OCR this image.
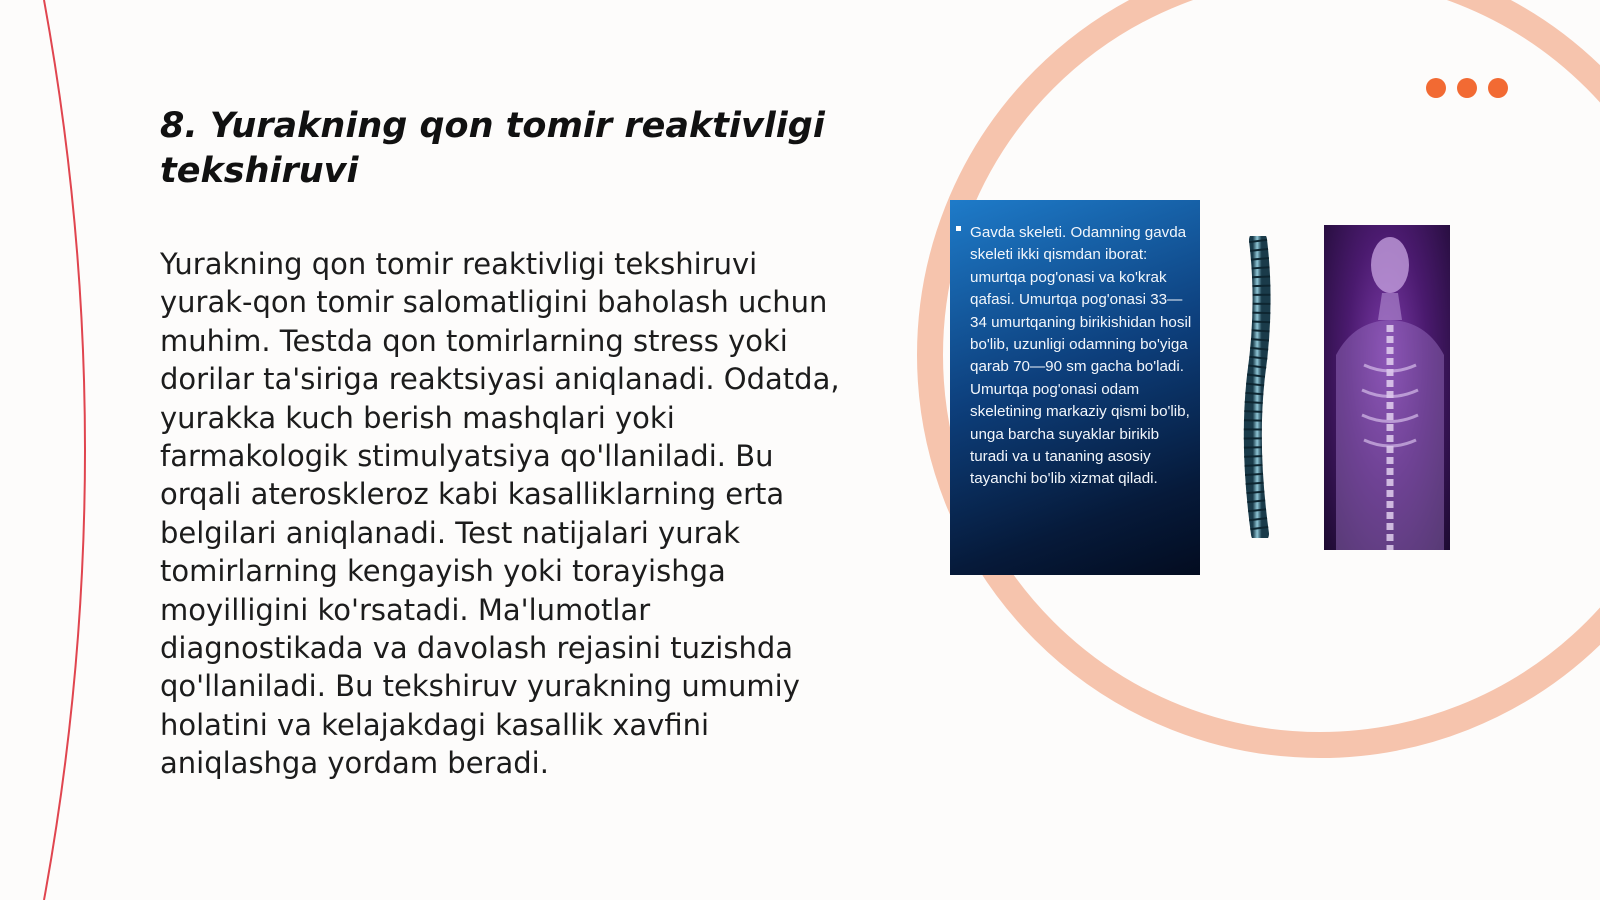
8. Yurakning qon tomir reaktivligi tekshiruvi
Yurakning qon tomir reaktivligi tekshiruvi yurak-qon tomir salomatligini baholash uchun muhim. Testda qon tomirlarning stress yoki dorilar ta'siriga reaktsiyasi aniqlanadi. Odatda, yurakka kuch berish mashqlari yoki farmakologik stimulyatsiya qo'llaniladi. Bu orqali ateroskleroz kabi kasalliklarning erta belgilari aniqlanadi. Test natijalari yurak tomirlarning kengayish yoki torayishga moyilligini ko'rsatadi. Ma'lumotlar diagnostikada va davolash rejasini tuzishda qo'llaniladi. Bu tekshiruv yurakning umumiy holatini va kelajakdagi kasallik xavfini aniqlashga yordam beradi.
Gavda skeleti. Odamning gavda skeleti ikki qismdan iborat: umurtqa pog'onasi va ko'krak qafasi. Umurtqa pog'onasi 33—34 umurtqaning birikishidan hosil bo'lib, uzunligi odamning bo'yiga qarab 70—90 sm gacha bo'ladi. Umurtqa pog'onasi odam skeletining markaziy qismi bo'lib, unga barcha suyaklar birikib turadi va u tananing asosiy tayanchi bo'lib xizmat qiladi.
